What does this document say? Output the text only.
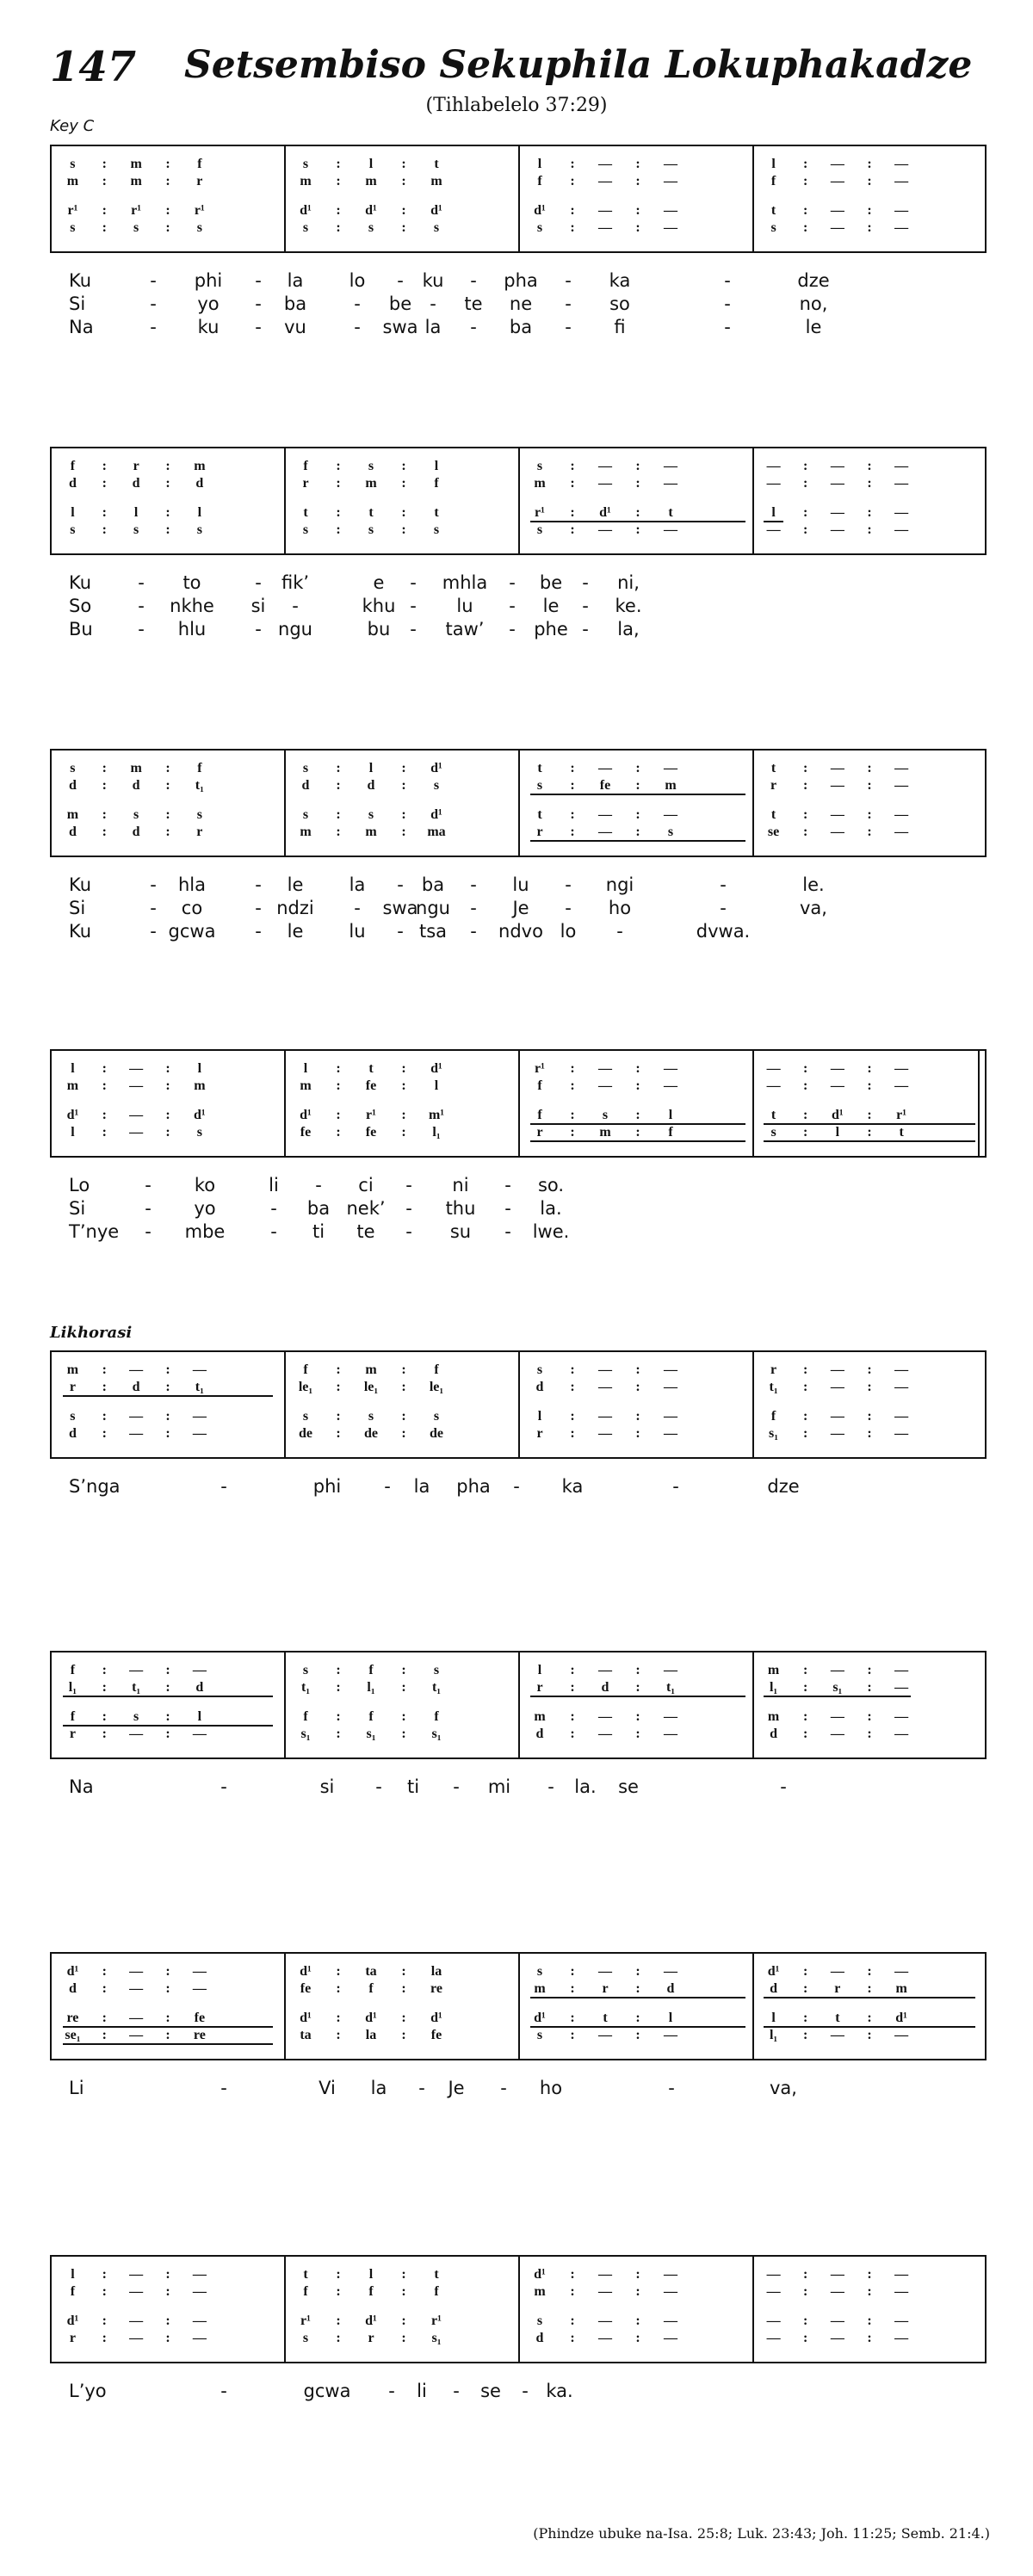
147 Setsembiso Sekuphila Lokuphakadze
(Tihlabelelo 37:29)
Key C
Likhorasi
(Phindze ubuke na-Isa. 25:8; Luk. 23:43; Joh. 11:25; Semb. 21:4.)
s	:	m	:	f	s	:	l	:	t	l	:	—	:	—	l	:	—	:	—
m	:	m	:	r	m	:	m	:	m	f	:	—	:	—	f	:	—	:	—
r¹	:	r¹	:	r¹	d¹	:	d¹	:	d¹	d¹	:	—	:	—	t	:	—	:	—
s	:	s	:	s	s	:	s	:	s	s	:	—	:	—	s	:	—	:	—
Ku	- phi - la	lo - ku - pha - ka	-	dze
Si	- yo - ba	- be - te ne - so	-	no,
Na	- ku - vu	- swa la - ba - fi	-	le
f	:	r	:	m	f	:	s	:	l	s	:	—	:	—	—	:	—	:	—
d	:	d	:	d	r	:	m	:	f	m	:	—	:	—	—	:	—	:	—
l	:	l	:	l	t	:	t	:	t	r¹	:	d¹	:	t	l	:	—	:	—
s	:	s	:	s	s	:	s	:	s	s	:	—	:	—	—	:	—	:	—
Ku	- to	- fik’	e - mhla - be - ni,
So	- nkhe si -	khu - lu - le - ke.
Bu - hlu	- ngu	bu - taw’ - phe - la,
s	:	m	:	f	s	:	l	:	d¹	t	:	—	:	—	t	:	—	:	—
d	:	d	:	t₁	d	:	d	:	s	s	:	fe	:	m	r	:	—	:	—
m	:	s	:	s	s	:	s	:	d¹	t	:	—	:	—	t	:	—	:	—
d	:	d	:	r	m	:	m	:	ma	r	:	—	:	s	se	:	—	:	—
Ku	- hla	- le	la - ba - lu - ngi	-	le.
Si	- co	- ndzi - swa
ngu - Je - ho	-	va,
Ku	- gcwa - le	lu - tsa - ndvo lo -	dvwa.
l	:	—	:	l	l	:	t	:	d¹	r¹	:	—	:	—	—	:	—	:	—
m	:	—	:	m	m	:	fe	:	l	f	:	—	:	—	—	:	—	:	—
d¹	:	—	:	d¹	d¹	:	r¹	:	m¹	f	:	s	:	l	t	:	d¹	:	r¹
l	:	—	:	s	fe	:	fe	:	l₁	r	:	m	:	f	s	:	l	:	t
Lo	- ko	li - ci - ni - so.
Si	- yo	- ba nek’ - thu - la.
T’nye - mbe	- ti te - su - lwe.
m	:	—	:	—	f	:	m	:	f	s	:	—	:	—	r	:	—	:	—
r	:	d	:	t₁	le₁	:	le₁	:	le₁	d	:	—	:	—	t₁	:	—	:	—
s	:	—	:	—	s	:	s	:	s	l	:	—	:	—	f	:	—	:	—
d	:	—	:	—	de	:	de	:	de	r	:	—	:	—	s₁	:	—	:	—
S’nga	-	phi - la pha - ka	-	dze
f	:	—	:	—	s	:	f	:	s	l	:	—	:	—	m	:	—	:	—
l₁	:	t₁	:	d	t₁	:	l₁	:	t₁	r	:	d	:	t₁	l₁	:	s₁	:	—
f	:	s	:	l	f	:	f	:	f	m	:	—	:	—	m	:	—	:	—
r	:	—	:	—	s₁	:	s₁	:	s₁	d	:	—	:	—	d	:	—	:	—
Na	-	si - ti - mi -	se	-
la.
d¹	:	—	:	—	d¹	:	ta	:	la	s	:	—	:	—	d¹	:	—	:	—
d	:	—	:	—	fe	:	f	:	re	m	:	r	:	d	d	:	r	:	m
re	:	—	:	fe	d¹	:	d¹	:	d¹	d¹	:	t	:	l	l	:	t	:	d¹
se₁	:	—	:	re	ta	:	la	:	fe	s	:	—	:	—	l₁	:	—	:	—
Li	-	Vi la - Je - ho	-	va,
l	:	—	:	—	t	:	l	:	t	d¹	:	—	:	—	—	:	—	:	—
f	:	—	:	—	f	:	f	:	f	m	:	—	:	—	—	:	—	:	—
d¹	:	—	:	—	r¹	:	d¹	:	r¹	s	:	—	:	—	—	:	—	:	—
r	:	—	:	—	s	:	r	:	s₁	d	:	—	:	—	—	:	—	:	—
L’yo	-	gcwa - li - se - ka.
